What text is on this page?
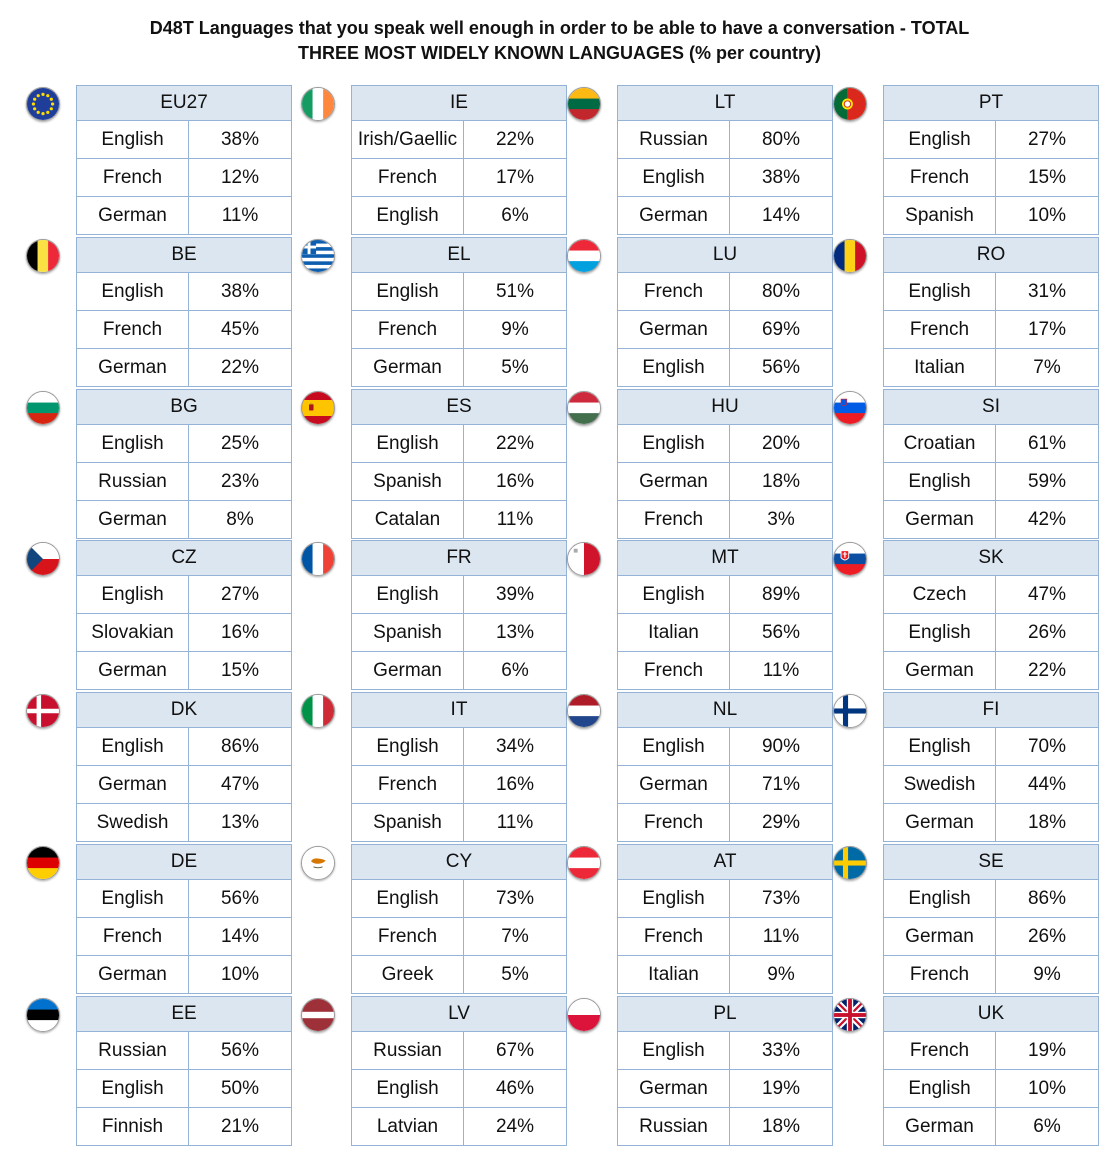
D48T Languages that you speak well enough in order to be able to have a conversation - TOTAL
THREE MOST WIDELY KNOWN LANGUAGES (% per country)
EU27
English	38%
French	12%
German	11%
IE
Irish/Gaellic	22%
French	17%
English	6%
LT
Russian	80%
English	38%
German	14%
PT
English	27%
French	15%
Spanish	10%
BE
English	38%
French	45%
German	22%
EL
English	51%
French	9%
German	5%
LU
French	80%
German	69%
English	56%
RO
English	31%
French	17%
Italian	7%
BG
English	25%
Russian	23%
German	8%
ES
English	22%
Spanish	16%
Catalan	11%
HU
English	20%
German	18%
French	3%
SI
Croatian	61%
English	59%
German	42%
CZ
English	27%
Slovakian	16%
German	15%
FR
English	39%
Spanish	13%
German	6%
MT
English	89%
Italian	56%
French	11%
SK
Czech	47%
English	26%
German	22%
DK
English	86%
German	47%
Swedish	13%
IT
English	34%
French	16%
Spanish	11%
NL
English	90%
German	71%
French	29%
FI
English	70%
Swedish	44%
German	18%
DE
English	56%
French	14%
German	10%
CY
English	73%
French	7%
Greek	5%
AT
English	73%
French	11%
Italian	9%
SE
English	86%
German	26%
French	9%
EE
Russian	56%
English	50%
Finnish	21%
LV
Russian	67%
English	46%
Latvian	24%
PL
English	33%
German	19%
Russian	18%
UK
French	19%
English	10%
German	6%
